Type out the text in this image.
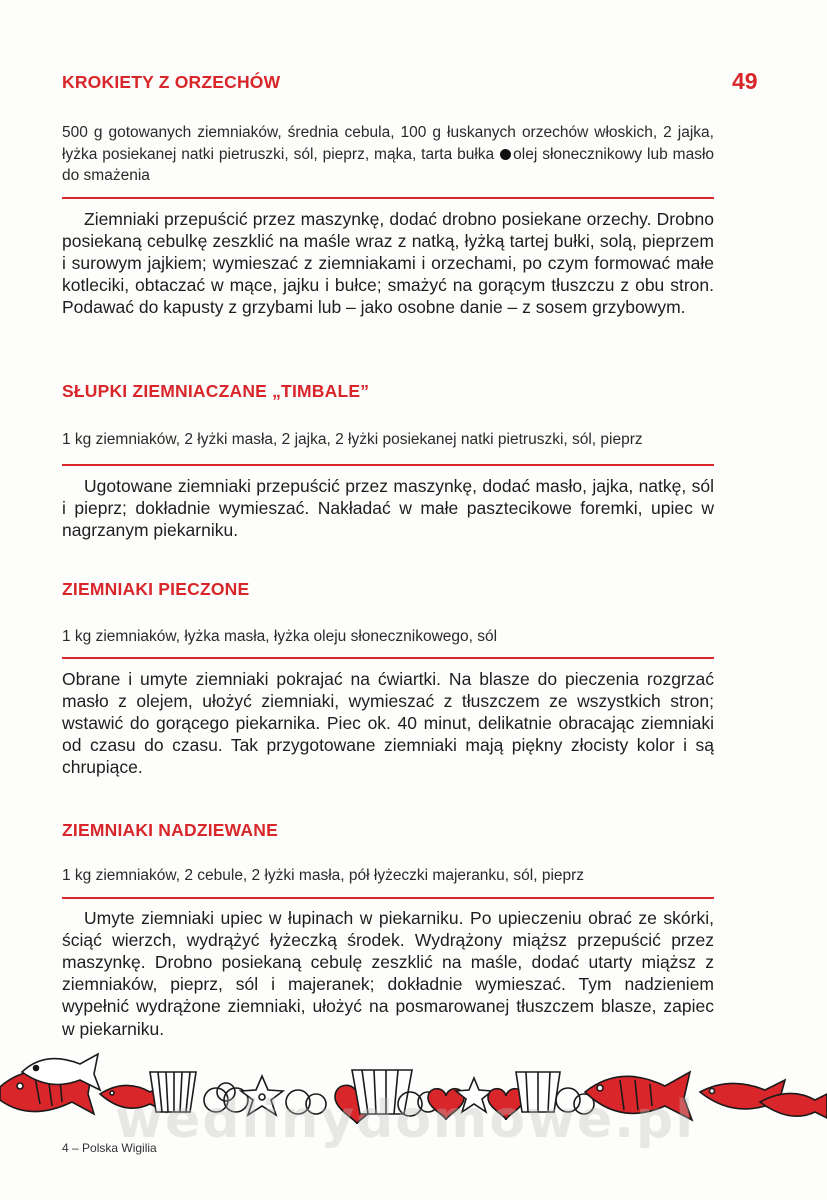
49
KROKIETY Z ORZECHÓW
500 g gotowanych ziemniaków, średnia cebula, 100 g łuskanych orzechów włoskich, 2 jajka, łyżka posiekanej natki pietruszki, sól, pieprz, mąka, tarta bułka olej słonecznikowy lub masło do smażenia
Ziemniaki przepuścić przez maszynkę, dodać drobno posiekane orzechy. Drobno posiekaną cebulkę zeszklić na maśle wraz z natką, łyżką tartej bułki, solą, pieprzem i surowym jajkiem; wymieszać z ziemniakami i orzechami, po czym formować małe kotleciki, obtaczać w mące, jajku i bułce; smażyć na gorącym tłuszczu z obu stron. Podawać do kapusty z grzybami lub – jako osobne danie – z sosem grzybowym.
SŁUPKI ZIEMNIACZANE „TIMBALE”
1 kg ziemniaków, 2 łyżki masła, 2 jajka, 2 łyżki posiekanej natki pietruszki, sól, pieprz
Ugotowane ziemniaki przepuścić przez maszynkę, dodać masło, jajka, natkę, sól i pieprz; dokładnie wymieszać. Nakładać w małe pasztecikowe foremki, upiec w nagrzanym piekarniku.
ZIEMNIAKI PIECZONE
1 kg ziemniaków, łyżka masła, łyżka oleju słonecznikowego, sól
Obrane i umyte ziemniaki pokrajać na ćwiartki. Na blasze do pieczenia rozgrzać masło z olejem, ułożyć ziemniaki, wymieszać z tłuszczem ze wszystkich stron; wstawić do gorącego piekarnika. Piec ok. 40 minut, delikatnie obracając ziemniaki od czasu do czasu. Tak przygotowane ziemniaki mają piękny złocisty kolor i są chrupiące.
ZIEMNIAKI NADZIEWANE
1 kg ziemniaków, 2 cebule, 2 łyżki masła, pół łyżeczki majeranku, sól, pieprz
Umyte ziemniaki upiec w łupinach w piekarniku. Po upieczeniu obrać ze skórki, ściąć wierzch, wydrążyć łyżeczką środek. Wydrążony miąższ przepuścić przez maszynkę. Drobno posiekaną cebulę zeszklić na maśle, dodać utarty miąższ z ziemniaków, pieprz, sól i majeranek; dokładnie wymieszać. Tym nadzieniem wypełnić wydrążone ziemniaki, ułożyć na posmarowanej tłuszczem blasze, zapiec w piekarniku.
wedlinydomowe.pl
4 – Polska Wigilia
